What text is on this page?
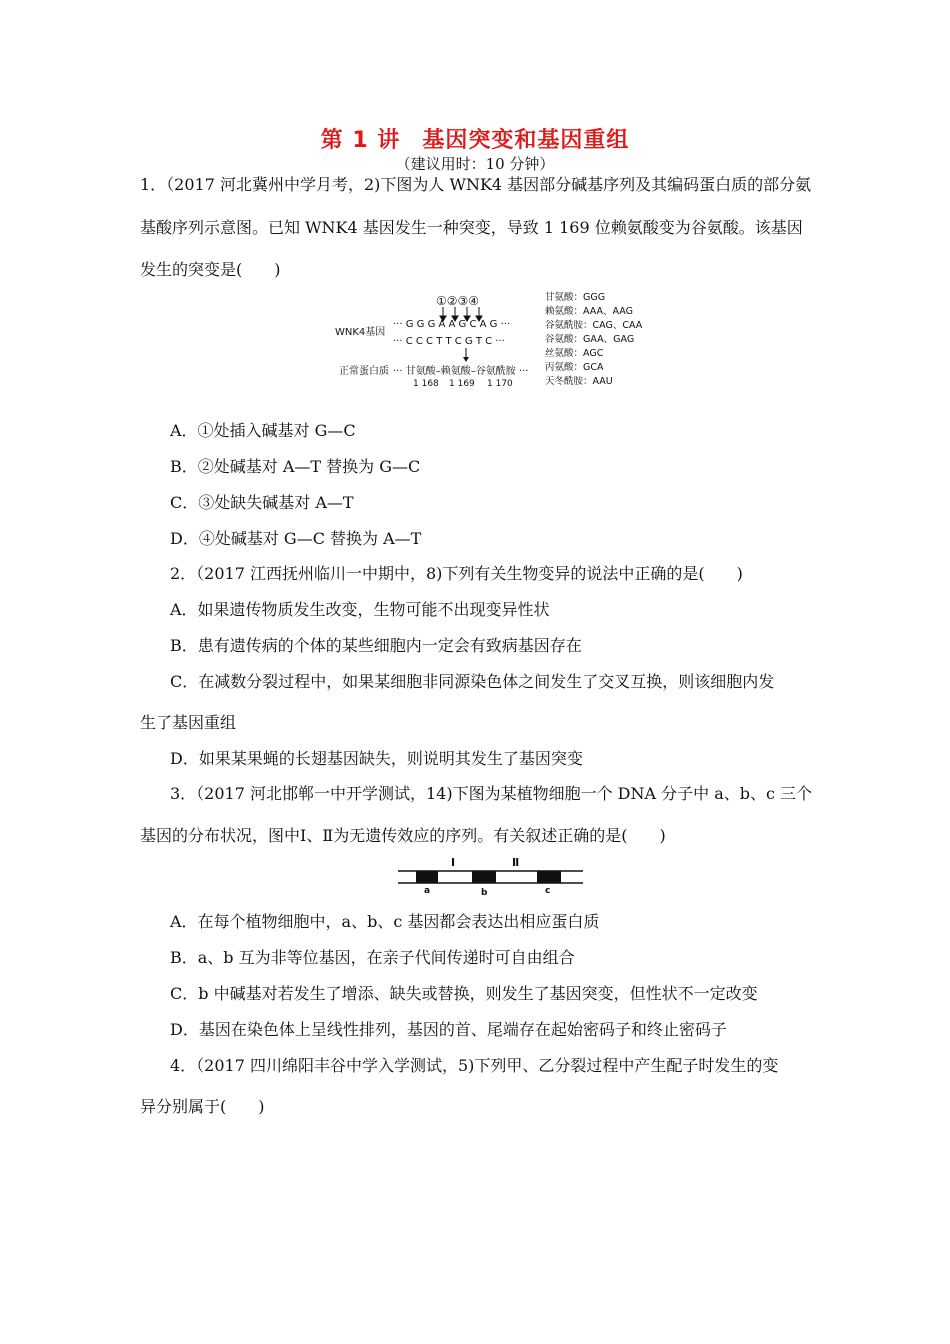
第 1 讲 基因突变和基因重组
（建议用时：10 分钟）
1．（2017 河北冀州中学月考，2)下图为人 WNK4 基因部分碱基序列及其编码蛋白质的部分氨
基酸序列示意图。已知 WNK4 基因发生一种突变，导致 1 169 位赖氨酸变为谷氨酸。该基因
发生的突变是(　　)
①②③④
WNK4基因
··· G G G A A G C A G ···
··· C C C T T C G T C ···
正常蛋白质 ··· 甘氨酸–赖氨酸–谷氨酰胺 ···
1 168 1 169 1 170
甘氨酸：GGG
赖氨酸：AAA、AAG
谷氨酰胺：CAG、CAA
谷氨酸：GAA、GAG
丝氨酸：AGC
丙氨酸：GCA
天冬酰胺：AAU
A．①处插入碱基对 G—C
B．②处碱基对 A—T 替换为 G—C
C．③处缺失碱基对 A—T
D．④处碱基对 G—C 替换为 A—T
2．（2017 江西抚州临川一中期中，8)下列有关生物变异的说法中正确的是(　　)
A．如果遗传物质发生改变，生物可能不出现变异性状
B．患有遗传病的个体的某些细胞内一定会有致病基因存在
C．在减数分裂过程中，如果某细胞非同源染色体之间发生了交叉互换，则该细胞内发
生了基因重组
D．如果某果蝇的长翅基因缺失，则说明其发生了基因突变
3．（2017 河北邯郸一中开学测试，14)下图为某植物细胞一个 DNA 分子中 a、b、c 三个
基因的分布状况，图中Ⅰ、Ⅱ为无遗传效应的序列。有关叙述正确的是(　　)
Ⅰ	Ⅱ
a	b	c
A．在每个植物细胞中，a、b、c 基因都会表达出相应蛋白质
B．a、b 互为非等位基因，在亲子代间传递时可自由组合
C．b 中碱基对若发生了增添、缺失或替换，则发生了基因突变，但性状不一定改变
D．基因在染色体上呈线性排列，基因的首、尾端存在起始密码子和终止密码子
4．（2017 四川绵阳丰谷中学入学测试，5)下列甲、乙分裂过程中产生配子时发生的变
异分别属于(　　)
